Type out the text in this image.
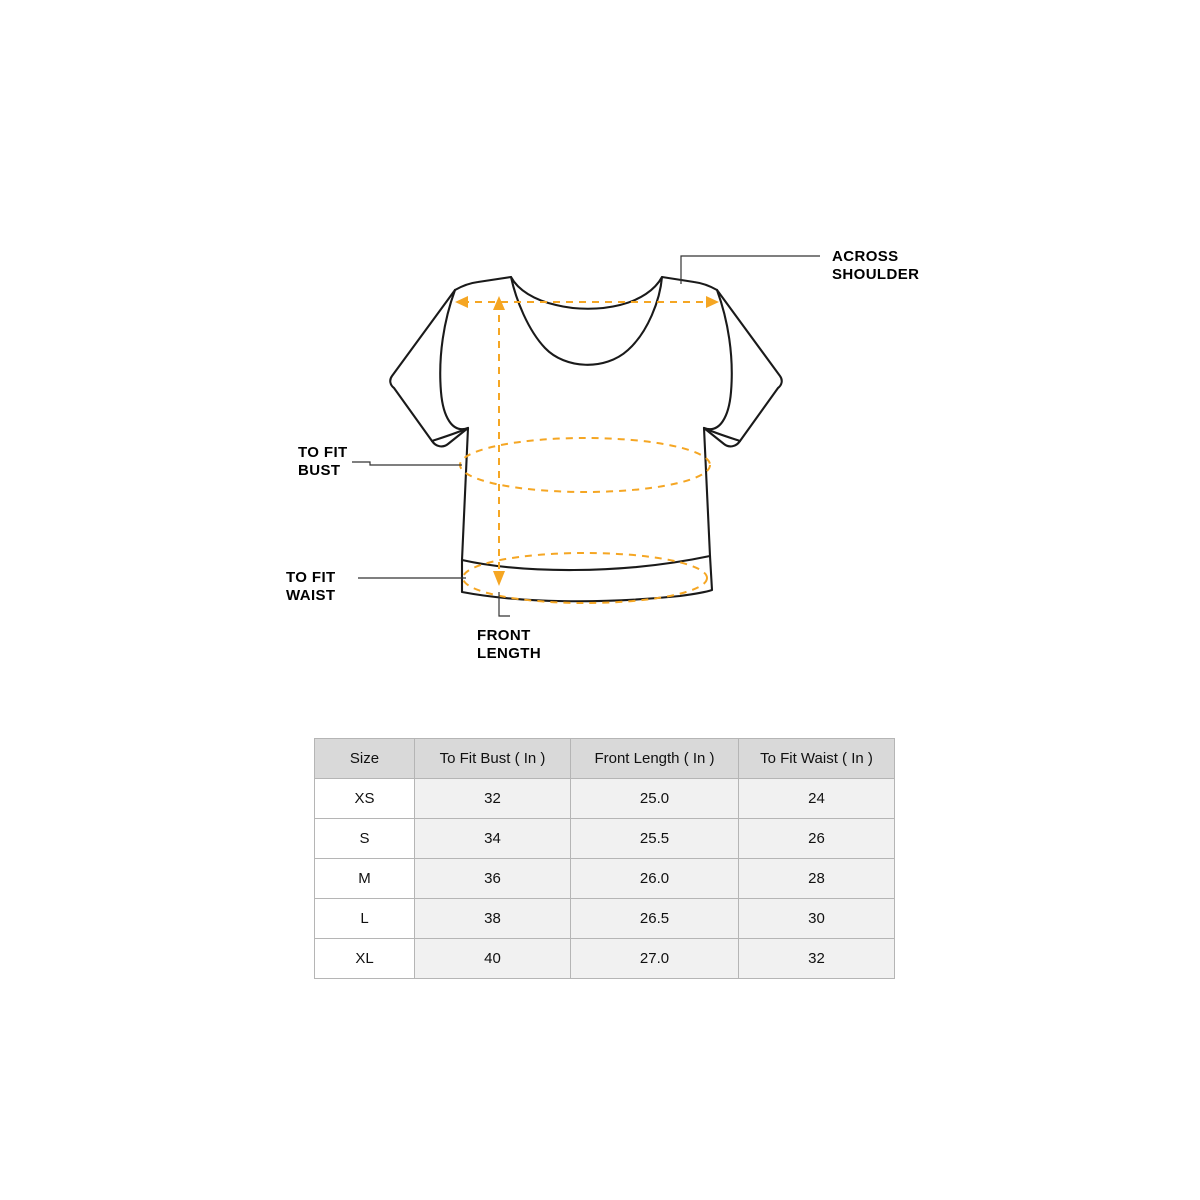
ACROSS
SHOULDER
TO FIT
BUST
TO FIT
WAIST
FRONT
LENGTH
Size	To Fit Bust ( In )	Front Length ( In )	To Fit Waist ( In )
XS	32	25.0	24
S	34	25.5	26
M	36	26.0	28
L	38	26.5	30
XL	40	27.0	32
